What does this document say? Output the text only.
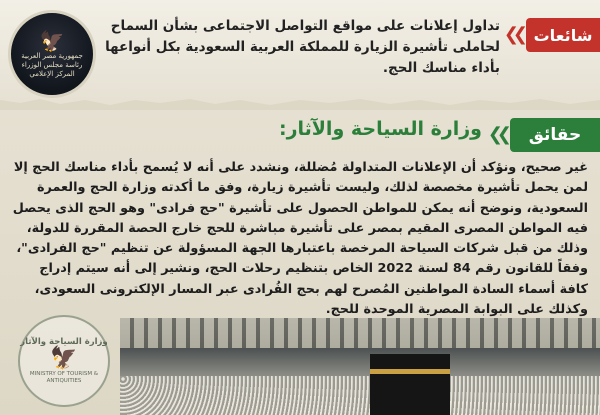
🦅
جمهورية مصر العربية
رئاسة مجلس الوزراء
المركز الإعلامي
تداول إعلانات على مواقع التواصل الاجتماعى بشأن السماح لحاملى تأشيرة الزيارة للمملكة العربية السعودية بكل أنواعها بأداء مناسك الحج.
❮❮ شائعات
حقائق
❮❮
وزارة السياحة والآثار:
غير صحيح، ونؤكد أن الإعلانات المتداولة مُضللة، ونشدد على أنه لا يُسمح بأداء مناسك الحج إلا لمن يحمل تأشيرة مخصصة لذلك، وليست تأشيرة زيارة، وفق ما أكدته وزارة الحج والعمرة السعودية، ونوضح أنه يمكن للمواطن الحصول على تأشيرة "حج فرادى" وهو الحج الذى يحصل فيه المواطن المصرى المقيم بمصر على تأشيرة مباشرة للحج خارج الحصة المقررة للدولة، وذلك من قبل شركات السياحة المرخصة باعتبارها الجهة المسؤولة عن تنظيم "حج الفرادى"، وفقاً للقانون رقم 84 لسنة 2022 الخاص بتنظيم رحلات الحج، ونشير إلى أنه سيتم إدراج كافة أسماء السادة المواطنين المُصرح لهم بحج الفُرادى عبر المسار الإلكترونى السعودى، وكذلك على البوابة المصرية الموحدة للحج.
وزارة السياحة والآثار
🦅
MINISTRY OF TOURISM & ANTIQUITIES
